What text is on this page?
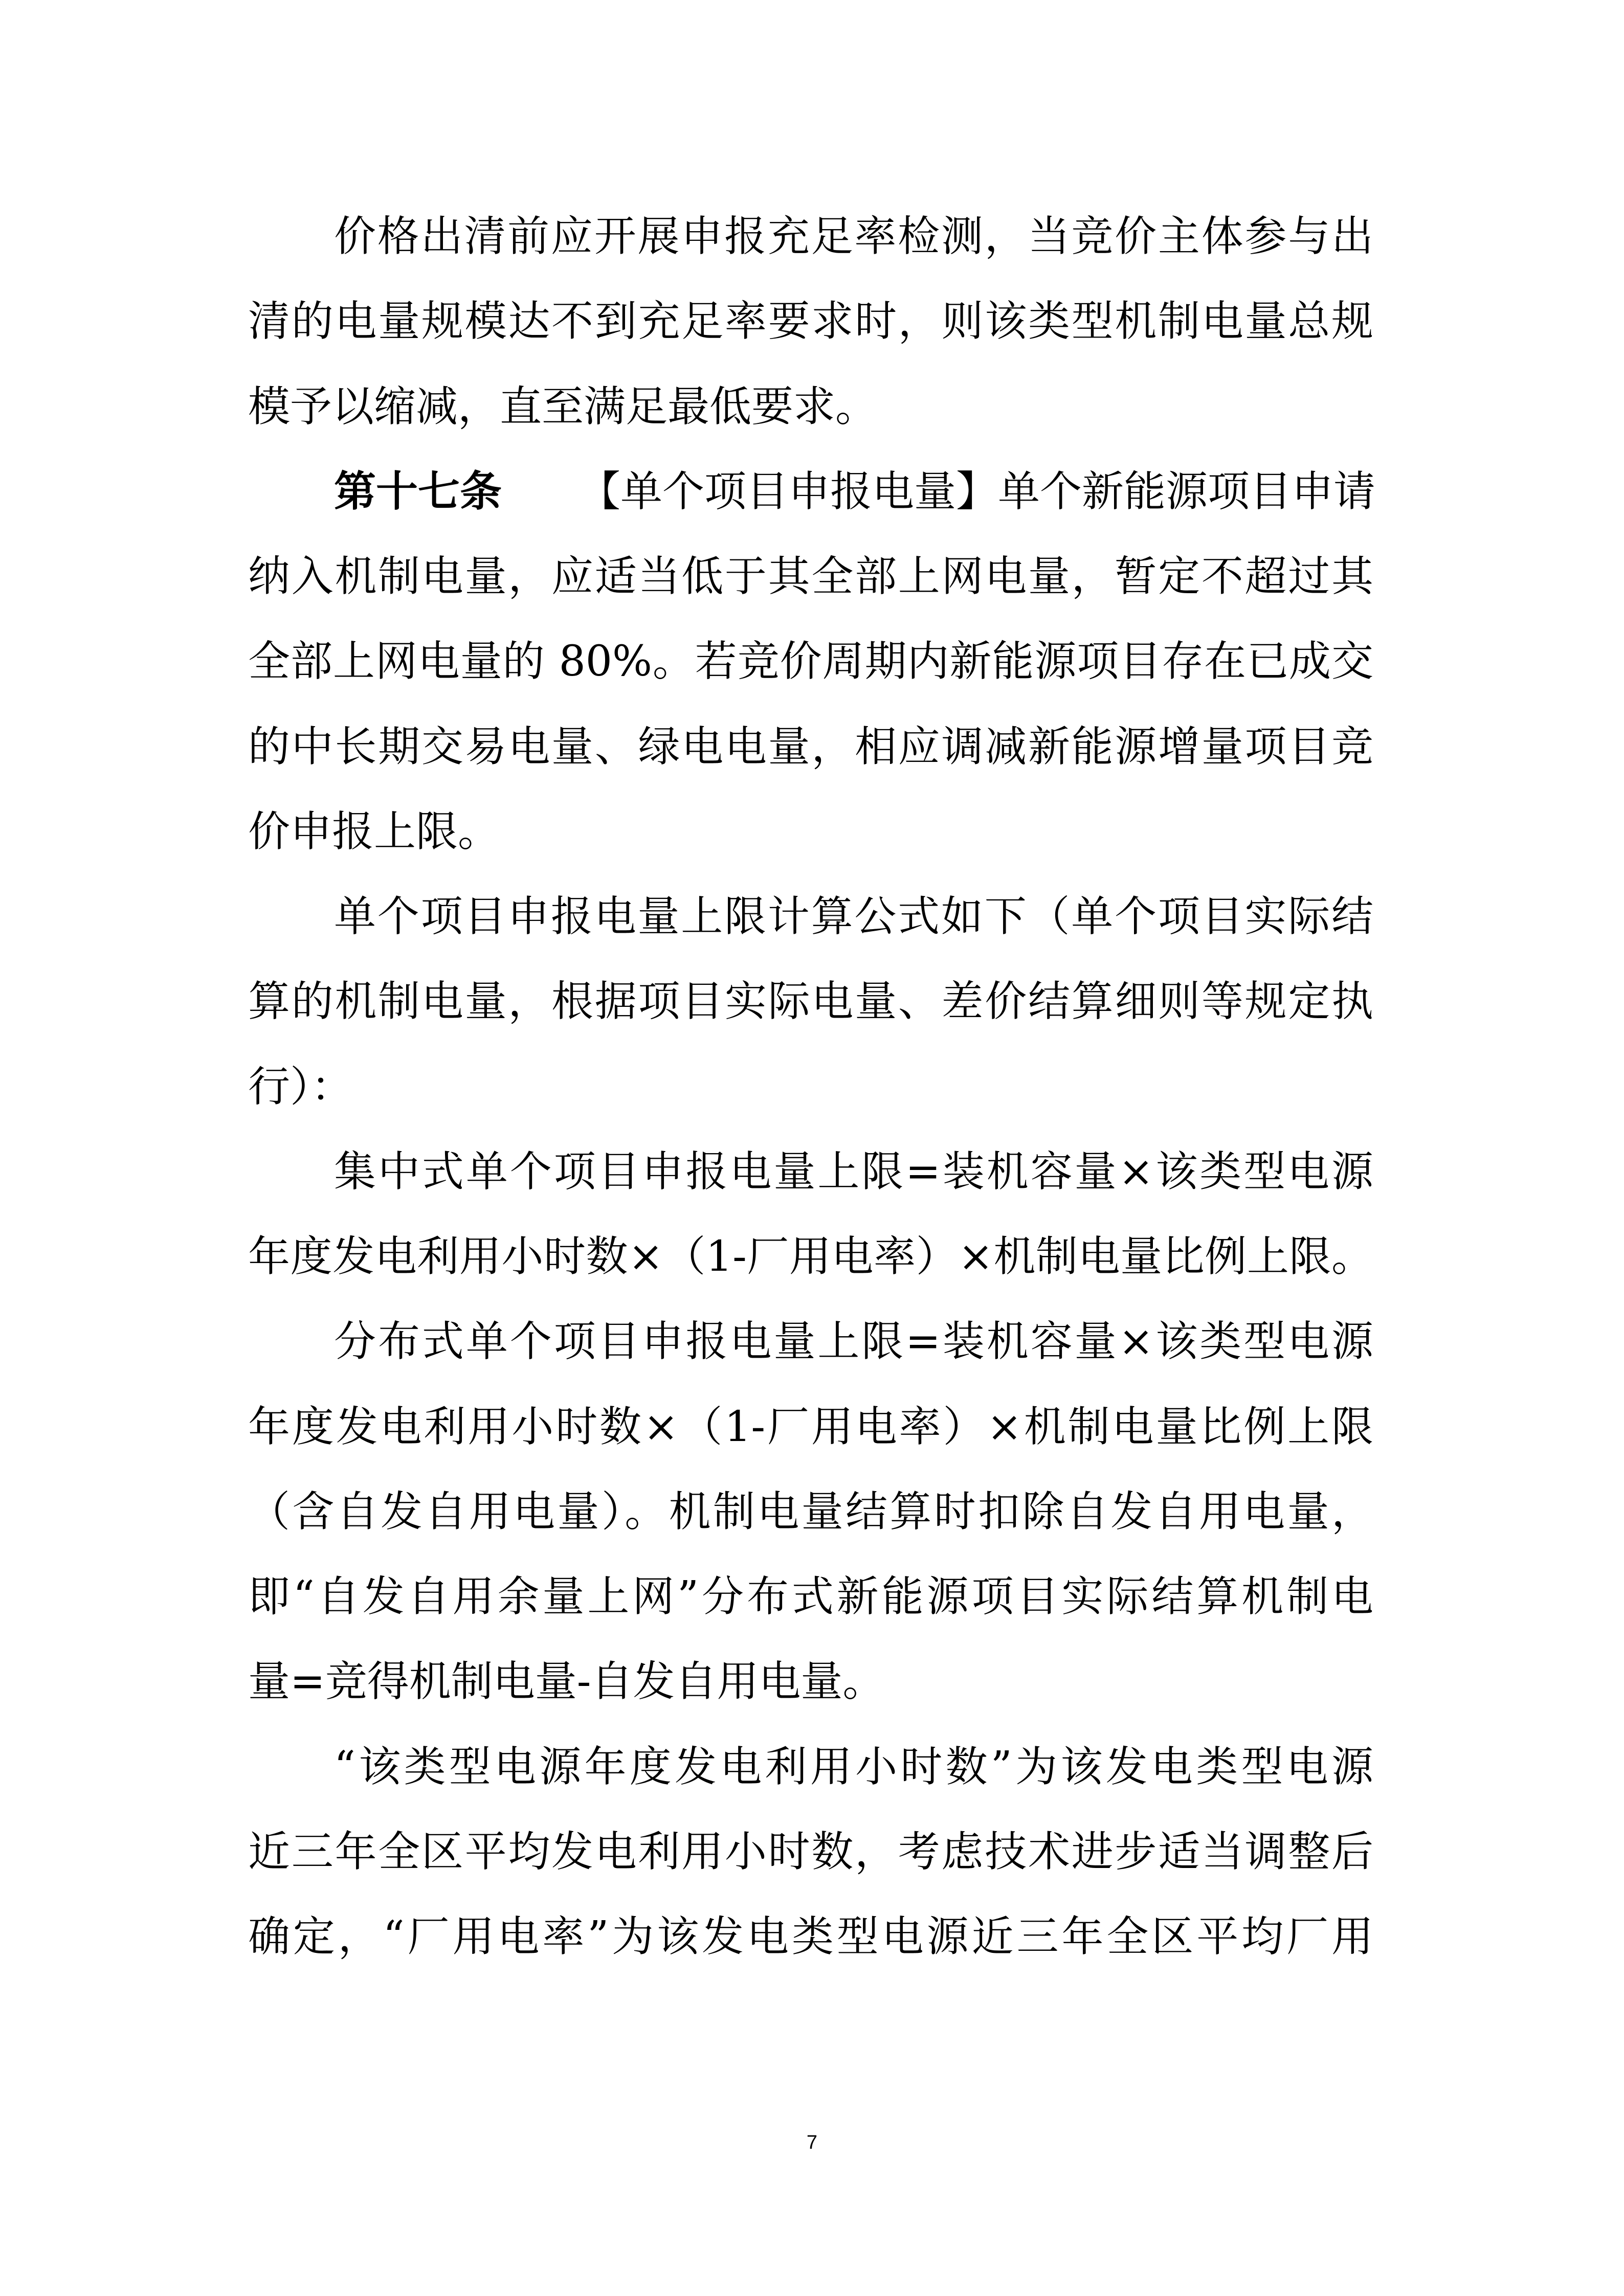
价格出清前应开展申报充足率检测，当竞价主体参与出
清的电量规模达不到充足率要求时，则该类型机制电量总规
模予以缩减，直至满足最低要求。
第十七条 【单个项目申报电量】单个新能源项目申请
纳入机制电量，应适当低于其全部上网电量，暂定不超过其
全部上网电量的 80%。若竞价周期内新能源项目存在已成交
的中长期交易电量、绿电电量，相应调减新能源增量项目竞
价申报上限。
单个项目申报电量上限计算公式如下（单个项目实际结
算的机制电量，根据项目实际电量、差价结算细则等规定执
行）：
集中式单个项目申报电量上限=装机容量×该类型电源
年度发电利用小时数×（1-厂用电率）×机制电量比例上限。
分布式单个项目申报电量上限=装机容量×该类型电源
年度发电利用小时数×（1-厂用电率）×机制电量比例上限
（含自发自用电量）。机制电量结算时扣除自发自用电量，
即“自发自用余量上网”分布式新能源项目实际结算机制电
量=竞得机制电量-自发自用电量。
“该类型电源年度发电利用小时数”为该发电类型电源
近三年全区平均发电利用小时数，考虑技术进步适当调整后
确定，“厂用电率”为该发电类型电源近三年全区平均厂用
7
